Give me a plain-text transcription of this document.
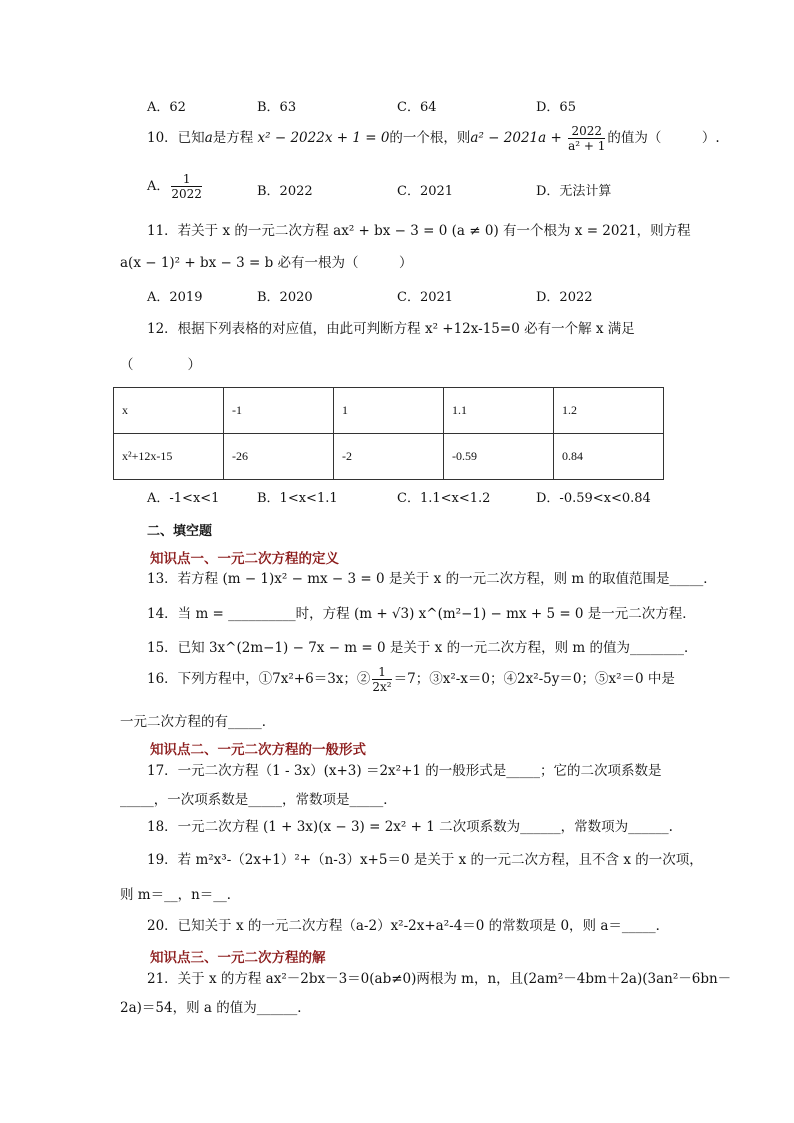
A．62	B．63	C．64	D．65
10．已知a是方程 x² − 2022x + 1 = 0的一个根，则$a^2 - 2021a + \frac{2022}{\text{a² + 1}}$ 的值为（　　　）.
A． $\frac{1}{2022}$	B．2022	C．2021	D．无法计算
11．若关于 x 的一元二次方程 ax² + bx − 3 = 0 (a ≠ 0) 有一个根为 x = 2021，则方程
a(x − 1)² + bx − 3 = b 必有一根为（　　　）
A．2019	B．2020	C．2021	D．2022
12．根据下列表格的对应值，由此可判断方程 x² +12x-15=0 必有一个解 x 满足
（　　　　）
x	-1	1	1.1	1.2
x²+12x-15	-26	-2	-0.59	0.84
A．-1<x<1	B．1<x<1.1	C．1.1<x<1.2	D．-0.59<x<0.84
二、填空题
知识点一、一元二次方程的定义
13．若方程 (m − 1)x² − mx − 3 = 0 是关于 x 的一元二次方程，则 m 的取值范围是_____．
14．当 m = __________时，方程 (m + √3) x^(m²−1) − mx + 5 = 0 是一元二次方程．
15．已知 3x^(2m−1) − 7x − m = 0 是关于 x 的一元二次方程，则 m 的值为________．
16．下列方程中，①7x²+6＝3x；② $\frac{1}{\text{2x²}} =7$；③x²-x＝0；④2x²-5y＝0；⑤x²＝0 中是
一元二次方程的有_____．
知识点二、一元二次方程的一般形式
17．一元二次方程（1 - 3x）(x+3) ＝2x²+1 的一般形式是_____；它的二次项系数是
_____，一次项系数是_____，常数项是_____．
18．一元二次方程 (1 + 3x)(x − 3) = 2x² + 1 二次项系数为______，常数项为______.
19．若 m²x³-（2x+1）²+（n-3）x+5＝0 是关于 x 的一元二次方程，且不含 x 的一次项，
则 m＝__，n＝__．
20．已知关于 x 的一元二次方程（a-2）x²-2x+a²-4＝0 的常数项是 0，则 a＝_____．
知识点三、一元二次方程的解
21．关于 x 的方程 ax²－2bx－3＝0(ab≠0)两根为 m，n，且(2am²－4bm＋2a)(3an²－6bn－
2a)＝54，则 a 的值为______．
